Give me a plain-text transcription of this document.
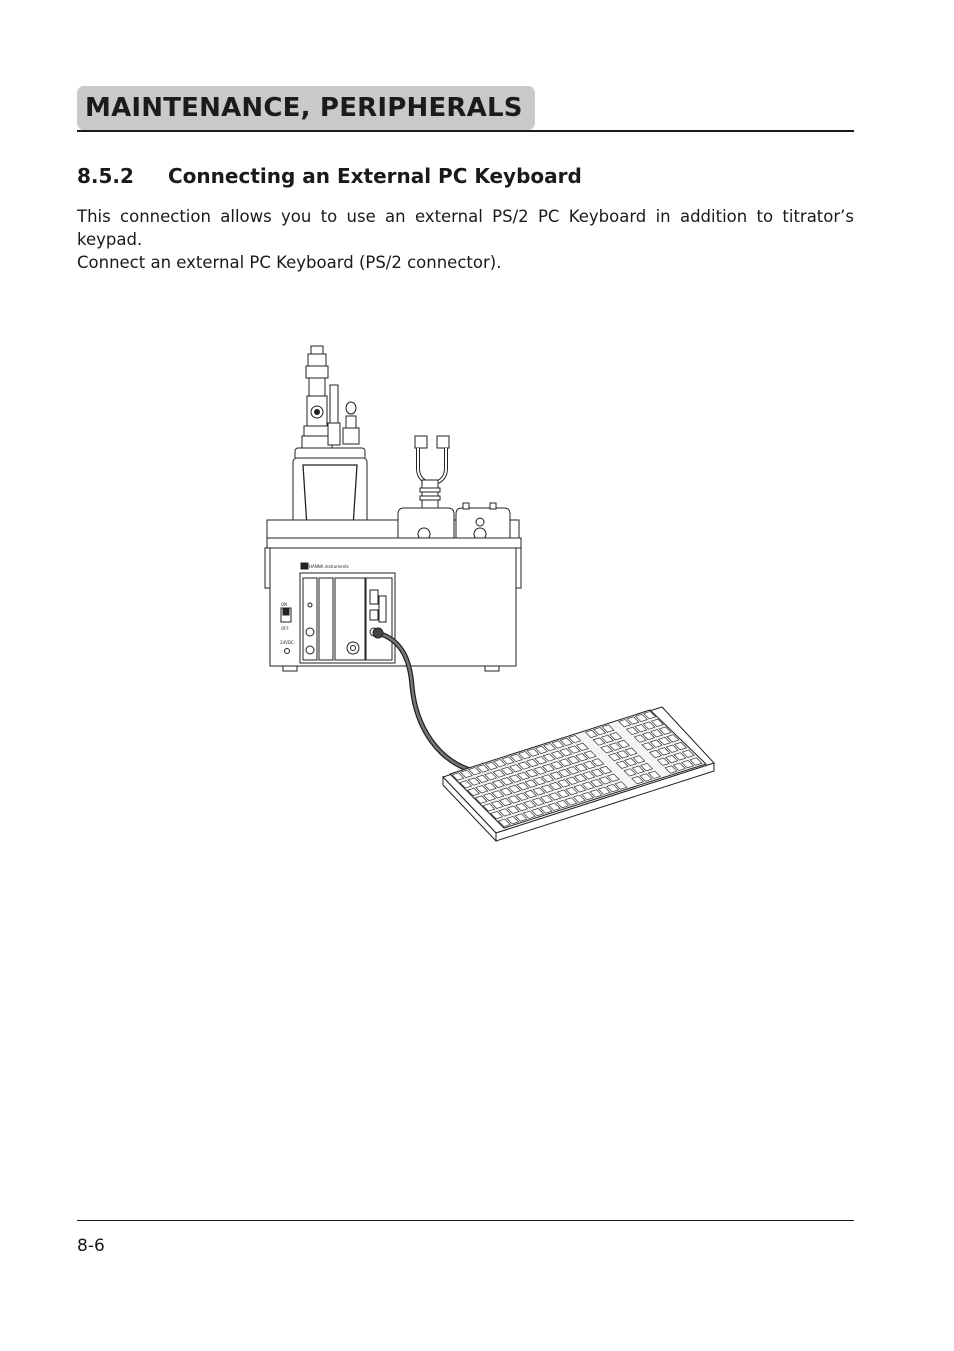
MAINTENANCE, PERIPHERALS
8.5.2 Connecting an External PC Keyboard
This connection allows you to use an external PS/2 PC Keyboard in addition to titrator’s keypad.
Connect an external PC Keyboard (PS/2 connector).
HANNA instruments
ON
OFF
24VDC
8-6
